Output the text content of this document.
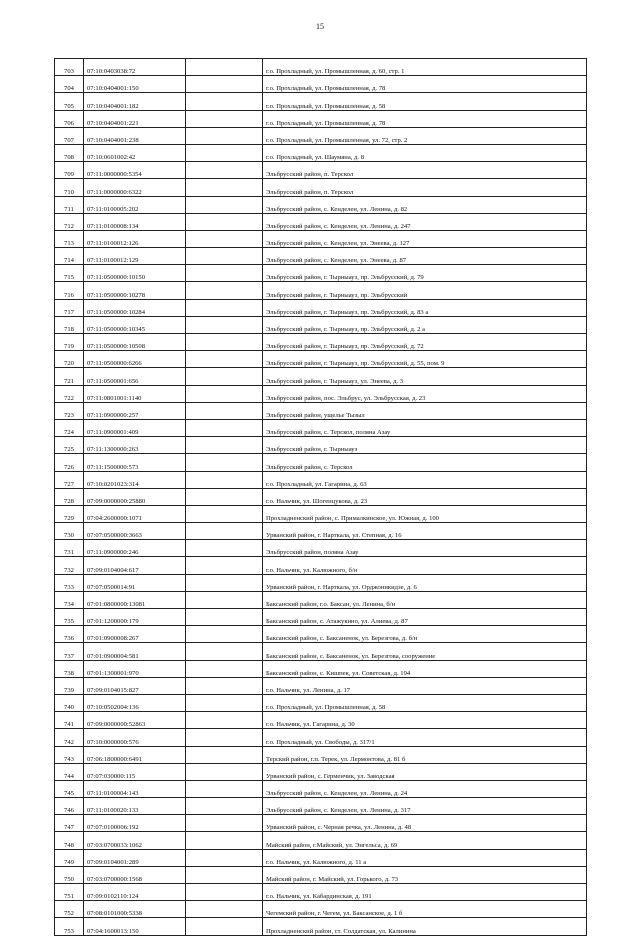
15
703	07:10:0403038:72		г.о. Прохладный, ул. Промышленная, д. 60, стр. 1
704	07:10:0404001:150		г.о. Прохладный, ул. Промышленная, д. 78
705	07:10:0404001:182		г.о. Прохладный, ул. Промышленная, д. 58
706	07:10:0404001:221		г.о. Прохладный, ул. Промышленная, д. 78
707	07:10:0404001:238		г.о. Прохладный, ул. Промышленная, ул. 72, стр. 2
708	07:10:0601002:42		г.о. Прохладный, ул. Шаумяна, д. 8
709	07:11:0000000:5354		Эльбрусский район, п. Терскол
710	07:11:0000000:6322		Эльбрусский район, п. Терскол
711	07:11:0100005:202		Эльбрусский район, с. Кенделен, ул. Ленина, д. 82
712	07:11:0100008:134		Эльбрусский район, с. Кенделен, ул. Ленина, д. 247
713	07:11:0100012:126		Эльбрусский район, с. Кенделен, ул. Энеева, д. 127
714	07:11:0100012:129		Эльбрусский район, с. Кенделен, ул. Энеева, д. 87
715	07:11:0500000:10150		Эльбрусский район, г. Тырныауз, пр. Эльбрусский, д. 79
716	07:11:0500000:10278		Эльбрусский район, г. Тырныауз, пр. Эльбрусский
717	07:11:0500000:10284		Эльбрусский район, г. Тырныауз, пр. Эльбрусский, д. 83 а
718	07:11:0500000:10345		Эльбрусский район, г. Тырныауз, пр. Эльбрусский, д. 2 а
719	07:11:0500000:10508		Эльбрусский район, г. Тырныауз, пр. Эльбрусский, д. 72
720	07:11:0500000:6266		Эльбрусский район, г. Тырныауз, пр. Эльбрусский, д. 55, пом. 9
721	07:11:0500001:656		Эльбрусский район, г. Тырныауз, ул. Энеева, д. 3
722	07:11:0801001:1140		Эльбрусский район, пос. Эльбрус, ул. Эльбрусская, д. 23
723	07:11:0900000:257		Эльбрусский район, ущелье Тызыл
724	07:11:0900001:409		Эльбрусский район, с. Терскол, поляна Азау
725	07:11:1300000:263		Эльбрусский район, г. Тырныауз
726	07:11:1500000:573		Эльбрусский район, с. Терскол
727	07:10:0201023:314		г.о. Прохладный, ул. Гагарина, д. 63
728	07:09:0000000:25880		г.о. Нальчик, ул. Шогенцукова, д. 23
729	07:04:2600000:1071		Прохладненский район, с. Прималкинское, ул. Южная, д. 100
730	07:07:0500000:3663		Урванский район, г. Нарткала, ул. Степная, д. 16
731	07:11:0900000:246		Эльбрусский район, поляна Азау
732	07:09:0104004:617		г.о. Нальчик, ул. Калюжного, б/н
733	07:07:0500014:91		Урванский район, г. Нарткала, ул. Орджоникидзе, д. 6
734	07:01:0800000:13081		Баксанский район, г.о. Баксан, ул. Ленина, б/н
735	07:01:1200000:179		Баксанский район, с. Атажукино, ул. Алиева, д. 87
736	07:01:0900008:267		Баксанский район, с. Баксаненок, ул. Березгова, д. б/н
737	07:01:0900004:581		Баксанский район, с. Баксаненок, ул. Березгова, сооружение
738	07:01:1300001:970		Баксанский район, с. Кишпек, ул. Советская, д. 194
739	07:09:0104015:827		г.о. Нальчик, ул. Ленина, д. 17
740	07:10:0502004:136		г.о. Прохладный, ул. Промышленная, д. 58
741	07:09:0000000:52863		г.о. Нальчик, ул. Гагарина, д. 30
742	07:10:0000000:576		г.о. Прохладный, ул. Свободы, д. 317/1
743	07:06:1800000:6491		Терский район, г.п. Терек, ул. Лермонтова, д. 81 б
744	07:07:030000:115		Урванский район, с. Герменчик, ул. Заводская
745	07:11:0100004:143		Эльбрусский район, с. Кенделен, ул. Ленина, д. 24
746	07:11:0100020:133		Эльбрусский район, с. Кенделен, ул. Ленина, д. 317
747	07:07:0100006:192		Урванский район, с. Черная речка, ул. Ленина, д. 48
748	07:03:0700033:1062		Майский район, г.Майский, ул. Энгельса, д. 69
749	07:09:0104001:289		г.о. Нальчик, ул. Калюжного, д. 11 а
750	07:03:0700000:1568		Майский район, г. Майский, ул. Горького, д. 73
751	07:09:0102110:124		г.о. Нальчик, ул. Кабардинская, д. 191
752	07:08:0101000:5338		Чегемский район, г. Чегем, ул. Баксанское, д. 1 б
753	07:04:1600013:150		Прохладненский район, ст. Солдатская, ул. Калинина
